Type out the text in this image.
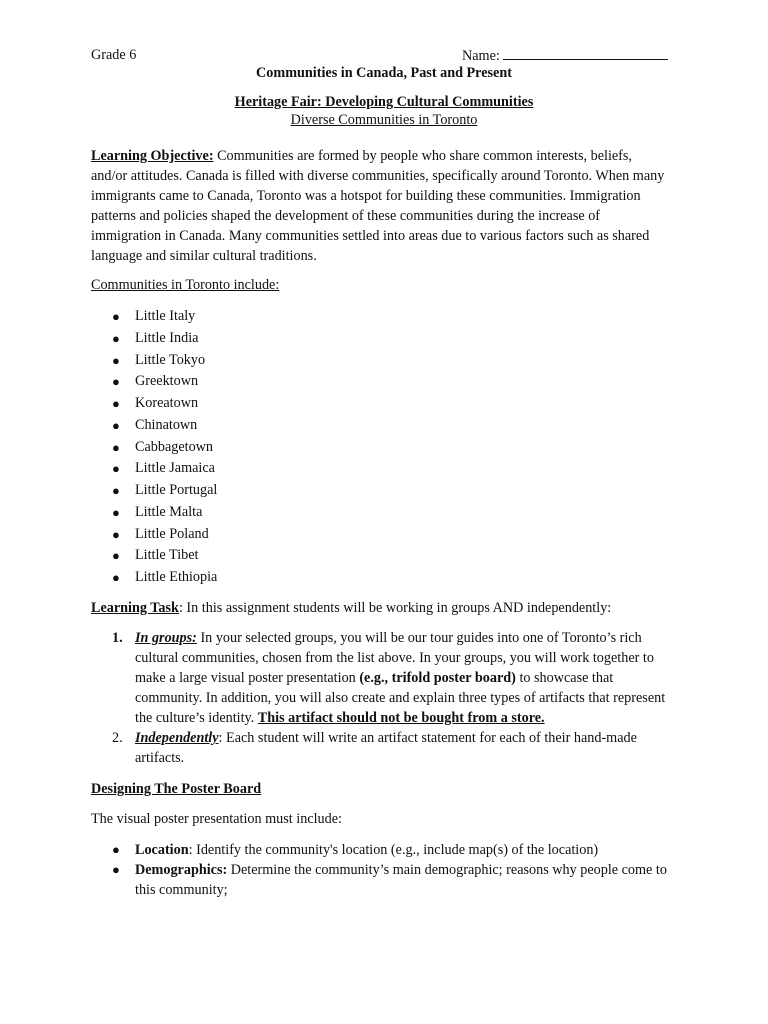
Grade 6	Name:
Communities in Canada, Past and Present
Heritage Fair: Developing Cultural Communities
Diverse Communities in Toronto
Learning Objective: Communities are formed by people who share common interests, beliefs, and/or attitudes. Canada is filled with diverse communities, specifically around Toronto. When many immigrants came to Canada, Toronto was a hotspot for building these communities. Immigration patterns and policies shaped the development of these communities during the increase of immigration in Canada. Many communities settled into areas due to various factors such as shared language and similar cultural traditions.
Communities in Toronto include:
● Little Italy
● Little India
● Little Tokyo
● Greektown
● Koreatown
● Chinatown
● Cabbagetown
● Little Jamaica
● Little Portugal
● Little Malta
● Little Poland
● Little Tibet
● Little Ethiopia
Learning Task: In this assignment students will be working in groups AND independently:
1. In groups: In your selected groups, you will be our tour guides into one of Toronto’s rich cultural communities, chosen from the list above. In your groups, you will work together to make a large visual poster presentation (e.g., trifold poster board) to showcase that community. In addition, you will also create and explain three types of artifacts that represent the culture’s identity. This artifact should not be bought from a store.
2. Independently: Each student will write an artifact statement for each of their hand-made artifacts.
Designing The Poster Board
The visual poster presentation must include:
● Location: Identify the community's location (e.g., include map(s) of the location)
● Demographics: Determine the community’s main demographic; reasons why people come to this community;
